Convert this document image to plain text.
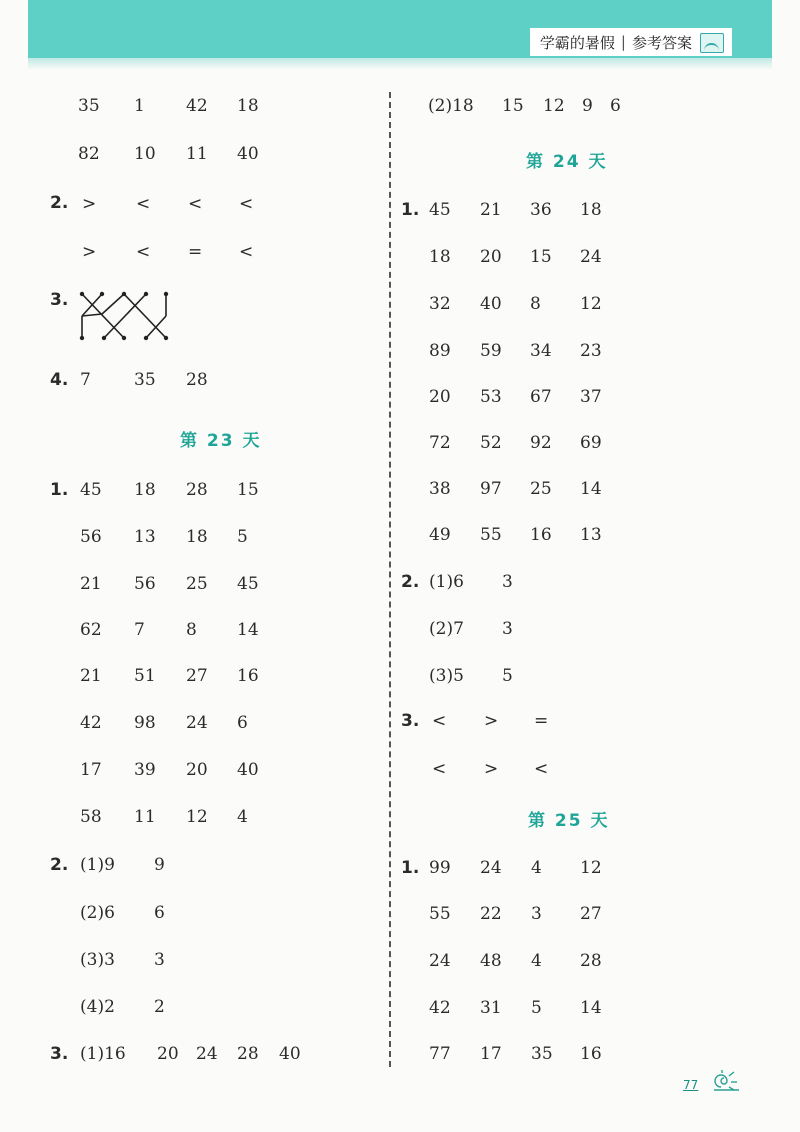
学霸的暑假 | 参考答案
35 1 42 18
82 10 11 40
2. > < < <
> < = <
3.
4. 7	35 28
第 23 天
1. 45 18 28 15
56 13 18 5
21 56 25 45
62 7 8 14
21 51 27 16
42 98 24 6
17 39 20 40
58 11 12 4
2. (1)9 9
(2)6 6
(3)3 3
(4)2 2
3. (1)16 20 24 28 40
(2)18 15 12 9 6
第 24 天
1. 45 21 36 18
18 20 15 24
32 40 8 12
89 59 34 23
20 53 67 37
72 52 92 69
38 97 25 14
49 55 16 13
2. (1)6 3
(2)7 3
(3)5 5
3. < > =
< > <
第 25 天
1. 99 24 4 12
55 22 3 27
24 48 4 28
42 31 5 14
77 17 35 16
77
